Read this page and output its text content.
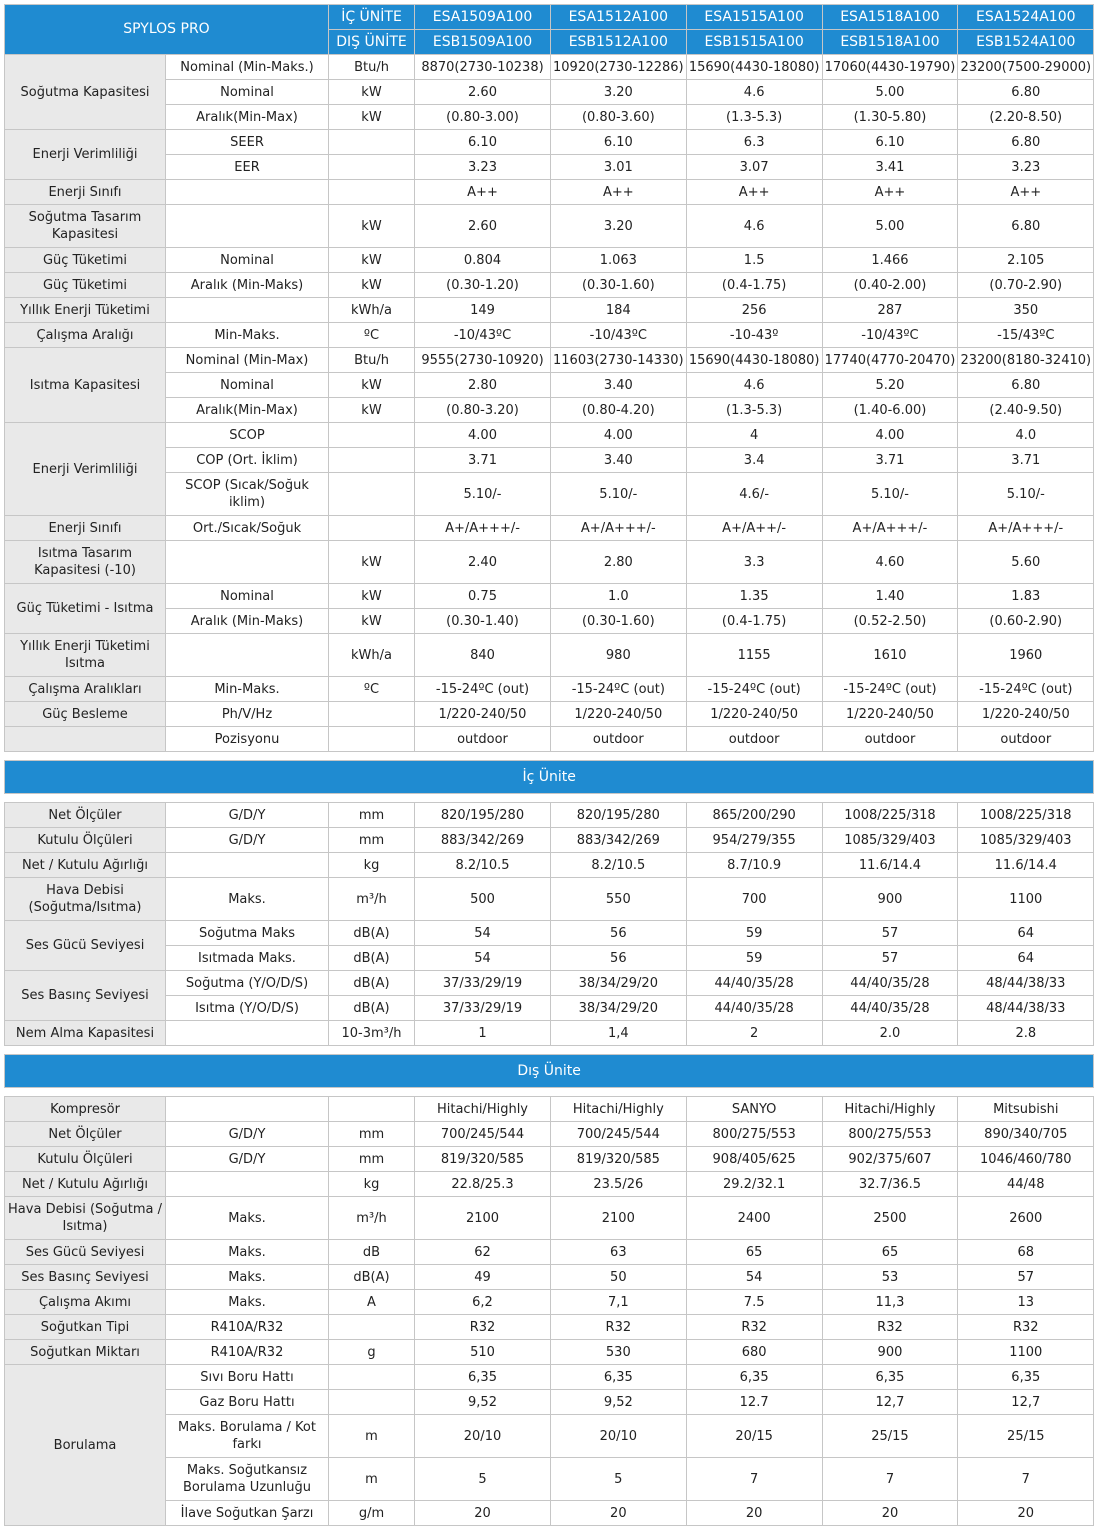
SPYLOS PRO		İÇ ÜNİTE	ESA1509A100	ESA1512A100	ESA1515A100	ESA1518A100	ESA1524A100
		DIŞ ÜNİTE	ESB1509A100	ESB1512A100	ESB1515A100	ESB1518A100	ESB1524A100
Soğutma Kapasitesi	Nominal (Min-Maks.)	Btu/h	8870(2730-10238)	10920(2730-12286)	15690(4430-18080)	17060(4430-19790)	23200(7500-29000)
	Nominal	kW	2.60	3.20	4.6	5.00	6.80
	Aralık(Min-Max)	kW	(0.80-3.00)	(0.80-3.60)	(1.3-5.3)	(1.30-5.80)	(2.20-8.50)
Enerji Verimliliği	SEER		6.10	6.10	6.3	6.10	6.80
	EER		3.23	3.01	3.07	3.41	3.23
Enerji Sınıfı			A++	A++	A++	A++	A++
Soğutma Tasarım Kapasitesi		kW	2.60	3.20	4.6	5.00	6.80
Güç Tüketimi	Nominal	kW	0.804	1.063	1.5	1.466	2.105
Güç Tüketimi	Aralık (Min-Maks)	kW	(0.30-1.20)	(0.30-1.60)	(0.4-1.75)	(0.40-2.00)	(0.70-2.90)
Yıllık Enerji Tüketimi		kWh/a	149	184	256	287	350
Çalışma Aralığı	Min-Maks.	ºC	-10/43ºC	-10/43ºC	-10-43º	-10/43ºC	-15/43ºC
Isıtma Kapasitesi	Nominal (Min-Max)	Btu/h	9555(2730-10920)	11603(2730-14330)	15690(4430-18080)	17740(4770-20470)	23200(8180-32410)
	Nominal	kW	2.80	3.40	4.6	5.20	6.80
	Aralık(Min-Max)	kW	(0.80-3.20)	(0.80-4.20)	(1.3-5.3)	(1.40-6.00)	(2.40-9.50)
Enerji Verimliliği	SCOP		4.00	4.00	4	4.00	4.0
	COP (Ort. İklim)		3.71	3.40	3.4	3.71	3.71
	SCOP (Sıcak/Soğuk iklim)		5.10/-	5.10/-	4.6/-	5.10/-	5.10/-
Enerji Sınıfı	Ort./Sıcak/Soğuk		A+/A+++/-	A+/A+++/-	A+/A++/-	A+/A+++/-	A+/A+++/-
Isıtma Tasarım Kapasitesi (-10)		kW	2.40	2.80	3.3	4.60	5.60
Güç Tüketimi - Isıtma	Nominal	kW	0.75	1.0	1.35	1.40	1.83
	Aralık (Min-Maks)	kW	(0.30-1.40)	(0.30-1.60)	(0.4-1.75)	(0.52-2.50)	(0.60-2.90)
Yıllık Enerji Tüketimi Isıtma		kWh/a	840	980	1155	1610	1960
Çalışma Aralıkları	Min-Maks.	ºC	-15-24ºC (out)	-15-24ºC (out)	-15-24ºC (out)	-15-24ºC (out)	-15-24ºC (out)
Güç Besleme	Ph/V/Hz		1/220-240/50	1/220-240/50	1/220-240/50	1/220-240/50	1/220-240/50
	Pozisyonu		outdoor	outdoor	outdoor	outdoor	outdoor

İç Ünite							

Net Ölçüler	G/D/Y	mm	820/195/280	820/195/280	865/200/290	1008/225/318	1008/225/318
Kutulu Ölçüleri	G/D/Y	mm	883/342/269	883/342/269	954/279/355	1085/329/403	1085/329/403
Net / Kutulu Ağırlığı		kg	8.2/10.5	8.2/10.5	8.7/10.9	11.6/14.4	11.6/14.4
Hava Debisi (Soğutma/Isıtma)	Maks.	m³/h	500	550	700	900	1100
Ses Gücü Seviyesi	Soğutma Maks	dB(A)	54	56	59	57	64
	Isıtmada Maks.	dB(A)	54	56	59	57	64
Ses Basınç Seviyesi	Soğutma (Y/O/D/S)	dB(A)	37/33/29/19	38/34/29/20	44/40/35/28	44/40/35/28	48/44/38/33
	Isıtma (Y/O/D/S)	dB(A)	37/33/29/19	38/34/29/20	44/40/35/28	44/40/35/28	48/44/38/33
Nem Alma Kapasitesi		10-3m³/h	1	1,4	2	2.0	2.8

Dış Ünite							

Kompresör			Hitachi/Highly	Hitachi/Highly	SANYO	Hitachi/Highly	Mitsubishi
Net Ölçüler	G/D/Y	mm	700/245/544	700/245/544	800/275/553	800/275/553	890/340/705
Kutulu Ölçüleri	G/D/Y	mm	819/320/585	819/320/585	908/405/625	902/375/607	1046/460/780
Net / Kutulu Ağırlığı		kg	22.8/25.3	23.5/26	29.2/32.1	32.7/36.5	44/48
Hava Debisi (Soğutma / Isıtma)	Maks.	m³/h	2100	2100	2400	2500	2600
Ses Gücü Seviyesi	Maks.	dB	62	63	65	65	68
Ses Basınç Seviyesi	Maks.	dB(A)	49	50	54	53	57
Çalışma Akımı	Maks.	A	6,2	7,1	7.5	11,3	13
Soğutkan Tipi	R410A/R32		R32	R32	R32	R32	R32
Soğutkan Miktarı	R410A/R32	g	510	530	680	900	1100
Borulama	Sıvı Boru Hattı		6,35	6,35	6,35	6,35	6,35
	Gaz Boru Hattı		9,52	9,52	12.7	12,7	12,7
	Maks. Borulama / Kot farkı	m	20/10	20/10	20/15	25/15	25/15
	Maks. Soğutkansız Borulama Uzunluğu	m	5	5	7	7	7
	İlave Soğutkan Şarzı	g/m	20	20	20	20	20
